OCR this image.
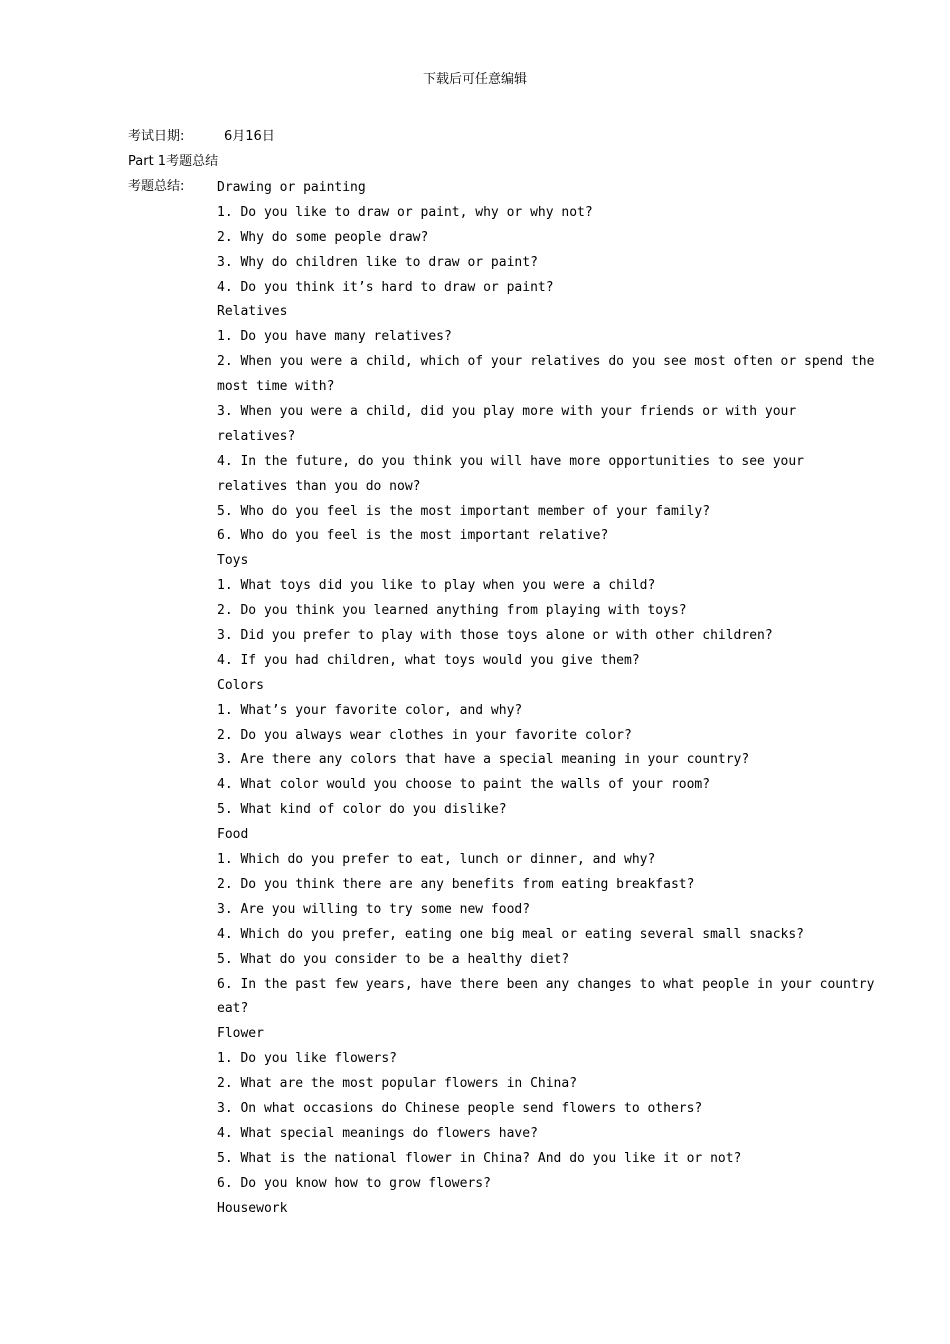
下载后可任意编辑
考试日期:	6月16日
Part 1考题总结
考题总结:	Drawing or painting
1. Do you like to draw or paint, why or why not?
2. Why do some people draw?
3. Why do children like to draw or paint?
4. Do you think it’s hard to draw or paint?
Relatives
1. Do you have many relatives?
2. When you were a child, which of your relatives do you see most often or spend the
most time with?
3. When you were a child, did you play more with your friends or with your
relatives?
4. In the future, do you think you will have more opportunities to see your
relatives than you do now?
5. Who do you feel is the most important member of your family?
6. Who do you feel is the most important relative?
Toys
1. What toys did you like to play when you were a child?
2. Do you think you learned anything from playing with toys?
3. Did you prefer to play with those toys alone or with other children?
4. If you had children, what toys would you give them?
Colors
1. What’s your favorite color, and why?
2. Do you always wear clothes in your favorite color?
3. Are there any colors that have a special meaning in your country?
4. What color would you choose to paint the walls of your room?
5. What kind of color do you dislike?
Food
1. Which do you prefer to eat, lunch or dinner, and why?
2. Do you think there are any benefits from eating breakfast?
3. Are you willing to try some new food?
4. Which do you prefer, eating one big meal or eating several small snacks?
5. What do you consider to be a healthy diet?
6. In the past few years, have there been any changes to what people in your country
eat?
Flower
1. Do you like flowers?
2. What are the most popular flowers in China?
3. On what occasions do Chinese people send flowers to others?
4. What special meanings do flowers have?
5. What is the national flower in China? And do you like it or not?
6. Do you know how to grow flowers?
Housework
